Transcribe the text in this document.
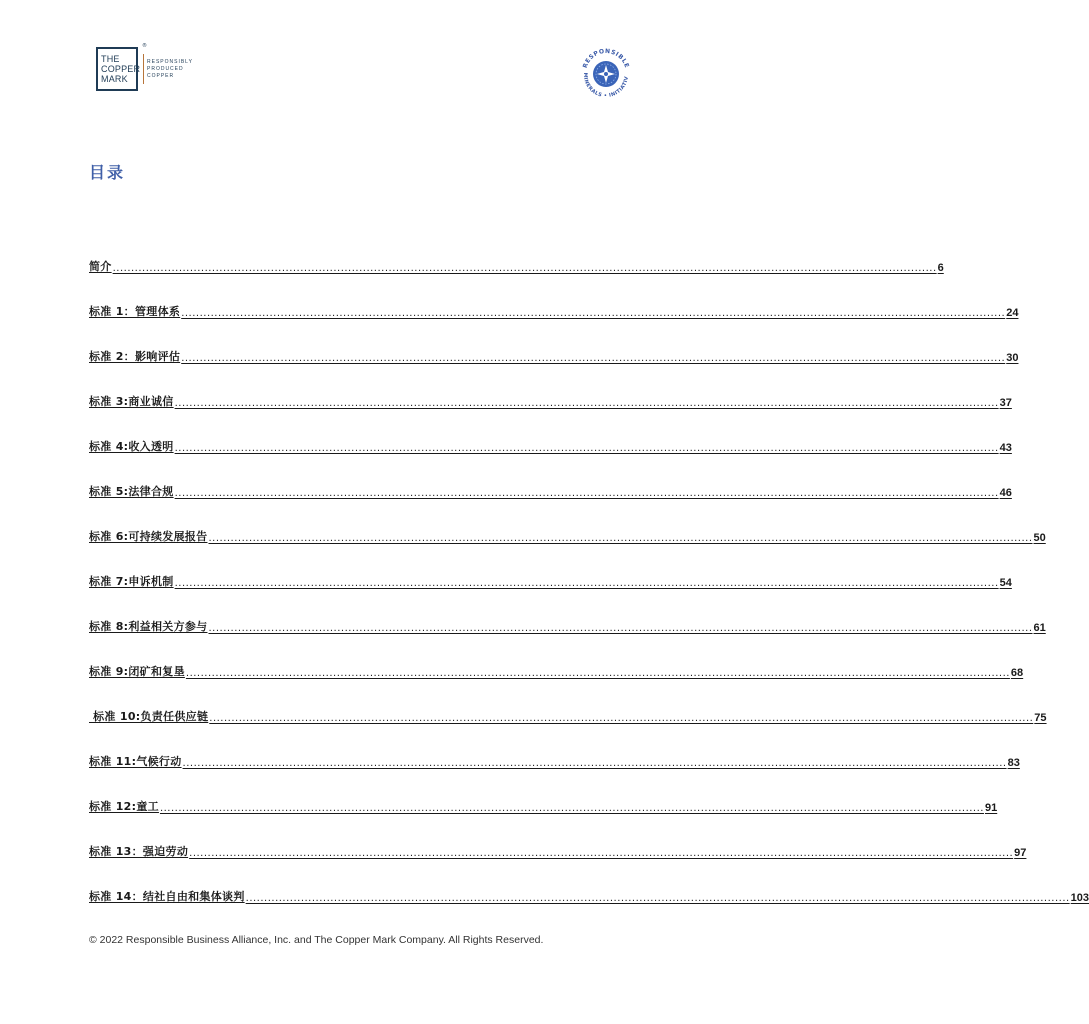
THE
COPPER
MARK
®
RESPONSIBLY
PRODUCED
COPPER
RESPONSIBLE
MINERALS • INITIATIV
目录
简介 ................................................................................................................................................................................................................................ 6
标准 1：管理体系 ................................................................................................................................................................................................................................ 24
标准 2：影响评估 ................................................................................................................................................................................................................................ 30
标准 3:商业诚信 ................................................................................................................................................................................................................................ 37
标准 4:收入透明 ................................................................................................................................................................................................................................ 43
标准 5:法律合规 ................................................................................................................................................................................................................................ 46
标准 6:可持续发展报告 ................................................................................................................................................................................................................................ 50
标准 7:申诉机制 ................................................................................................................................................................................................................................ 54
标准 8:利益相关方参与 ................................................................................................................................................................................................................................ 61
标准 9:闭矿和复垦 ................................................................................................................................................................................................................................ 68
标准 10:负责任供应链 ................................................................................................................................................................................................................................ 75
标准 11:气候行动 ................................................................................................................................................................................................................................ 83
标准 12:童工 ................................................................................................................................................................................................................................ 91
标准 13：强迫劳动 ................................................................................................................................................................................................................................ 97
标准 14：结社自由和集体谈判 ................................................................................................................................................................................................................................ 103
© 2022 Responsible Business Alliance, Inc. and The Copper Mark Company. All Rights Reserved.
